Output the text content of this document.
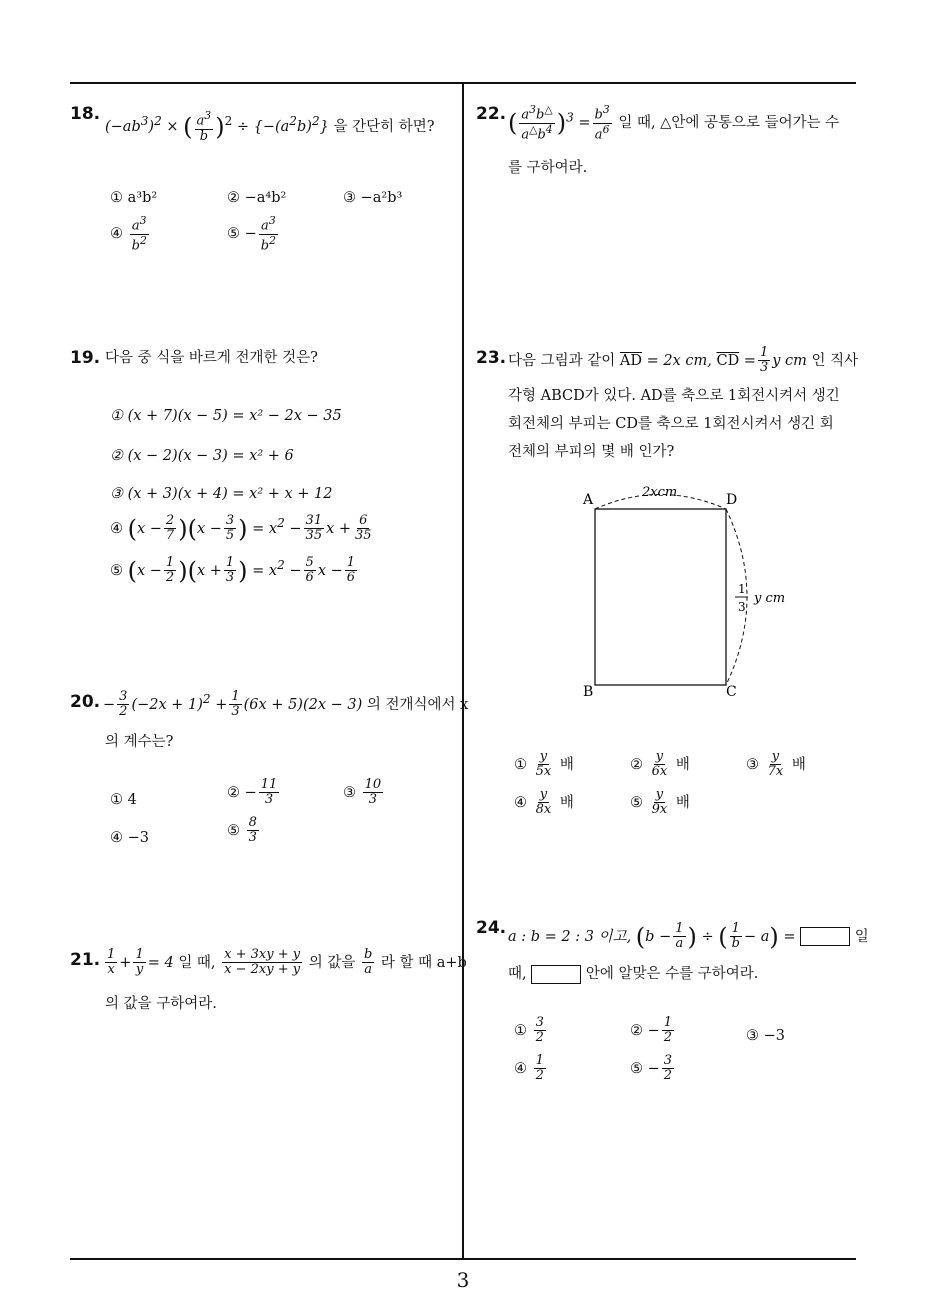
18.
$(-ab^3)^2$ × ( $\frac{a^3}{b} )^2 \div \{-(a^2b)^2\}$ 을 간단히 하면?
① a³b²	② −a⁴b²	③ −a²b³
④ $\frac{a^3}{b^2}$	⑤ − $\frac{a^3}{b^2}$
19. 다음 중 식을 바르게 전개한 것은?
① (x + 7)(x − 5) = x² − 2x − 35
② (x − 2)(x − 3) = x² + 6
③ (x + 3)(x + 4) = x² + x + 12
④ $(x - \frac{2}{7} )(x - \frac{3}{5}$ ) = $x^2 - \frac{31}{35}$ $x + \frac{6}{35}$
⑤ $(x - \frac{1}{2} )(x + \frac{1}{3}$ ) = $x^2 - \frac{5}{6}$ $x - \frac{1}{6}$
20. − $\frac{3}{2} (-2x + 1)^2 + \frac{1}{3} (6x + 5)(2x - 3)$ 의 전개식에서 x
의 계수는?
① 4	② − $\frac{11}{3}$	③ $\frac{10}{3}$
④ −3	⑤ $\frac{8}{3}$
21. $\frac{1}{x} + \frac{1}{y} = 4$ 일 때, $\frac{x + 3xy + y}{x - 2xy + y}$ 의 값을 $\frac{b}{a}$ 라 할 때 a+b
의 값을 구하여라.
22. ( $\frac{a^3b^\triangle}{a^\triangle b^4} )^3 = \frac{b^3}{a^6}$ 일 때, △안에 공통으로 들어가는 수
를 구하여라.
23. 다음 그림과 같이 $\overline{AD} = 2x$ cm, $\overline{CD} = \frac{1}{3}$ y cm 인 직사
각형 ABCD가 있다. AD를 축으로 1회전시켜서 생긴
회전체의 부피는 CD를 축으로 1회전시켜서 생긴 회
전체의 부피의 몇 배 인가?
A	D
B	C
2xcm
1
3
y cm
① $\frac{y}{5x}$ 배	② $\frac{y}{6x}$ 배	③ $\frac{y}{7x}$ 배
④ $\frac{y}{8x}$ 배	⑤ $\frac{y}{9x}$ 배
24. a : b = 2 : 3 이고, ($b - \frac{1}{a}$ ) ÷ ( $\frac{1}{b} - a$) =	일
때,	안에 알맞은 수를 구하여라.
① $\frac{3}{2}$	② − $\frac{1}{2}$	③ −3
④ $\frac{1}{2}$	⑤ − $\frac{3}{2}$
3
